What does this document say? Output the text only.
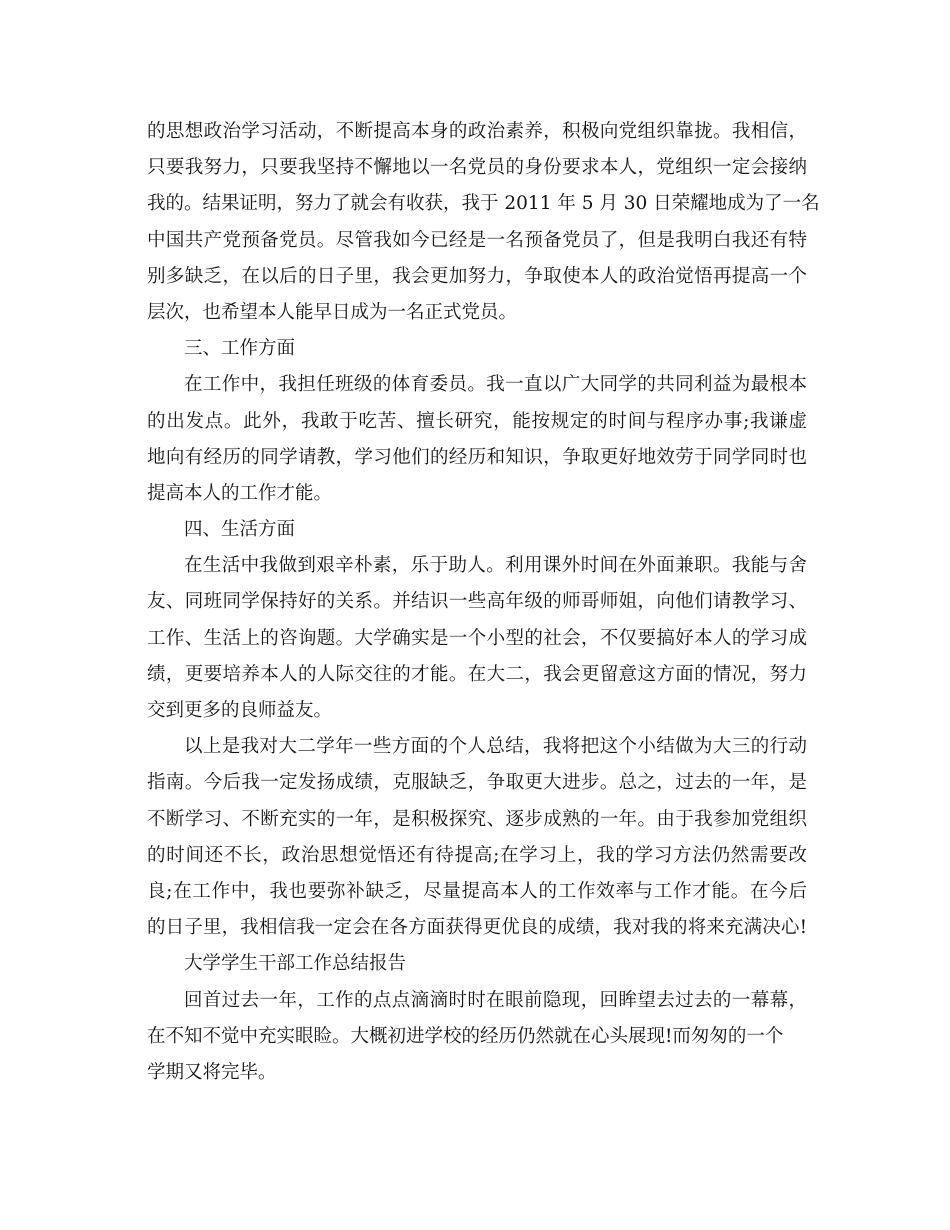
的思想政治学习活动，不断提高本身的政治素养，积极向党组织靠拢。我相信，
只要我努力，只要我坚持不懈地以一名党员的身份要求本人，党组织一定会接纳
我的。结果证明，努力了就会有收获，我于 2011 年 5 月 30 日荣耀地成为了一名
中国共产党预备党员。尽管我如今已经是一名预备党员了，但是我明白我还有特
别多缺乏，在以后的日子里，我会更加努力，争取使本人的政治觉悟再提高一个
层次，也希望本人能早日成为一名正式党员。
三、工作方面
在工作中，我担任班级的体育委员。我一直以广大同学的共同利益为最根本
的出发点。此外，我敢于吃苦、擅长研究，能按规定的时间与程序办事;我谦虚
地向有经历的同学请教，学习他们的经历和知识，争取更好地效劳于同学同时也
提高本人的工作才能。
四、生活方面
在生活中我做到艰辛朴素，乐于助人。利用课外时间在外面兼职。我能与舍
友、同班同学保持好的关系。并结识一些高年级的师哥师姐，向他们请教学习、
工作、生活上的咨询题。大学确实是一个小型的社会，不仅要搞好本人的学习成
绩，更要培养本人的人际交往的才能。在大二，我会更留意这方面的情况，努力
交到更多的良师益友。
以上是我对大二学年一些方面的个人总结，我将把这个小结做为大三的行动
指南。今后我一定发扬成绩，克服缺乏，争取更大进步。总之，过去的一年，是
不断学习、不断充实的一年，是积极探究、逐步成熟的一年。由于我参加党组织
的时间还不长，政治思想觉悟还有待提高;在学习上，我的学习方法仍然需要改
良;在工作中，我也要弥补缺乏，尽量提高本人的工作效率与工作才能。在今后
的日子里，我相信我一定会在各方面获得更优良的成绩，我对我的将来充满决心!
大学学生干部工作总结报告
回首过去一年，工作的点点滴滴时时在眼前隐现，回眸望去过去的一幕幕，
在不知不觉中充实眼睑。大概初进学校的经历仍然就在心头展现!而匆匆的一个
学期又将完毕。
